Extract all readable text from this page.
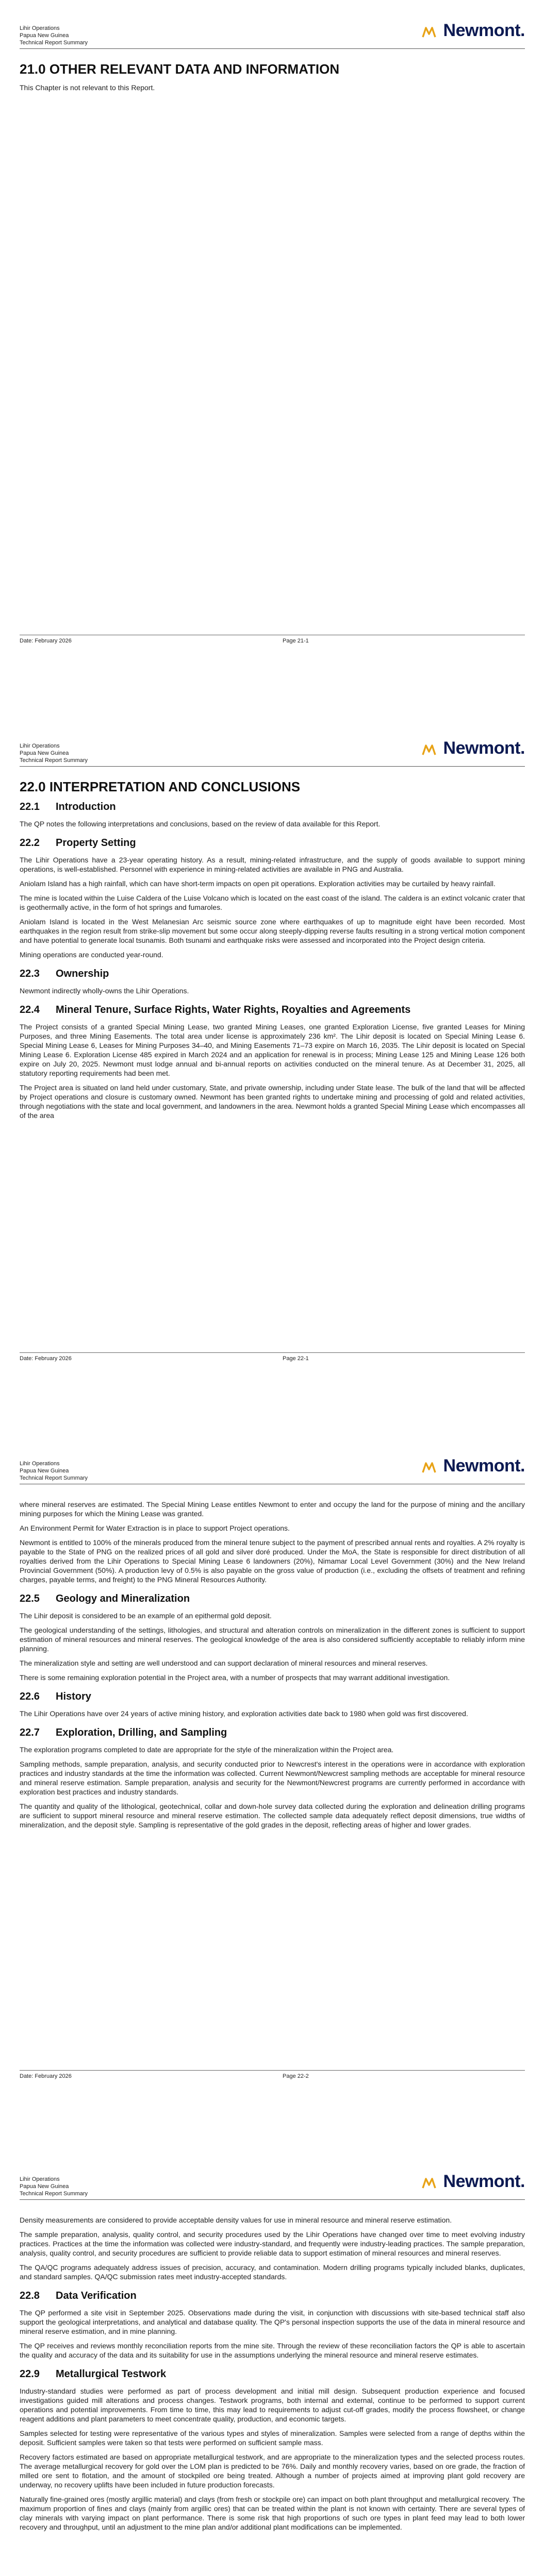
Lihir Operations
Papua New Guinea
Technical Report Summary
Newmont.
21.0 OTHER RELEVANT DATA AND INFORMATION

This Chapter is not relevant to this Report.

Date: February 2026	Page 21-1
Lihir Operations
Papua New Guinea
Technical Report Summary
Newmont.
22.0 INTERPRETATION AND CONCLUSIONS
22.1	Introduction

The QP notes the following interpretations and conclusions, based on the review of data available for this Report.

22.2	Property Setting

The Lihir Operations have a 23-year operating history. As a result, mining-related infrastructure, and the supply of goods available to support mining operations, is well-established. Personnel with experience in mining-related activities are available in PNG and Australia.

Aniolam Island has a high rainfall, which can have short-term impacts on open pit operations. Exploration activities may be curtailed by heavy rainfall.

The mine is located within the Luise Caldera of the Luise Volcano which is located on the east coast of the island. The caldera is an extinct volcanic crater that is geothermally active, in the form of hot springs and fumaroles.

Aniolam Island is located in the West Melanesian Arc seismic source zone where earthquakes of up to magnitude eight have been recorded. Most earthquakes in the region result from strike-slip movement but some occur along steeply-dipping reverse faults resulting in a strong vertical motion component and have potential to generate local tsunamis. Both tsunami and earthquake risks were assessed and incorporated into the Project design criteria.

Mining operations are conducted year-round.

22.3	Ownership

Newmont indirectly wholly-owns the Lihir Operations.

22.4	Mineral Tenure, Surface Rights, Water Rights, Royalties and Agreements

The Project consists of a granted Special Mining Lease, two granted Mining Leases, one granted Exploration License, five granted Leases for Mining Purposes, and three Mining Easements. The total area under license is approximately 236 km². The Lihir deposit is located on Special Mining Lease 6. Special Mining Lease 6, Leases for Mining Purposes 34–40, and Mining Easements 71–73 expire on March 16, 2035. The Lihir deposit is located on Special Mining Lease 6. Exploration License 485 expired in March 2024 and an application for renewal is in process; Mining Lease 125 and Mining Lease 126 both expire on July 20, 2025. Newmont must lodge annual and bi-annual reports on activities conducted on the mineral tenure. As at December 31, 2025, all statutory reporting requirements had been met.

The Project area is situated on land held under customary, State, and private ownership, including under State lease. The bulk of the land that will be affected by Project operations and closure is customary owned. Newmont has been granted rights to undertake mining and processing of gold and related activities, through negotiations with the state and local government, and landowners in the area. Newmont holds a granted Special Mining Lease which encompasses all of the area

Date: February 2026	Page 22-1
Lihir Operations
Papua New Guinea
Technical Report Summary
Newmont.

where mineral reserves are estimated. The Special Mining Lease entitles Newmont to enter and occupy the land for the purpose of mining and the ancillary mining purposes for which the Mining Lease was granted.

An Environment Permit for Water Extraction is in place to support Project operations.

Newmont is entitled to 100% of the minerals produced from the mineral tenure subject to the payment of prescribed annual rents and royalties. A 2% royalty is payable to the State of PNG on the realized prices of all gold and silver doré produced. Under the MoA, the State is responsible for direct distribution of all royalties derived from the Lihir Operations to Special Mining Lease 6 landowners (20%), Nimamar Local Level Government (30%) and the New Ireland Provincial Government (50%). A production levy of 0.5% is also payable on the gross value of production (i.e., excluding the offsets of treatment and refining charges, payable terms, and freight) to the PNG Mineral Resources Authority.

22.5	Geology and Mineralization

The Lihir deposit is considered to be an example of an epithermal gold deposit.

The geological understanding of the settings, lithologies, and structural and alteration controls on mineralization in the different zones is sufficient to support estimation of mineral resources and mineral reserves. The geological knowledge of the area is also considered sufficiently acceptable to reliably inform mine planning.

The mineralization style and setting are well understood and can support declaration of mineral resources and mineral reserves.

There is some remaining exploration potential in the Project area, with a number of prospects that may warrant additional investigation.

22.6	History

The Lihir Operations have over 24 years of active mining history, and exploration activities date back to 1980 when gold was first discovered.

22.7	Exploration, Drilling, and Sampling

The exploration programs completed to date are appropriate for the style of the mineralization within the Project area.

Sampling methods, sample preparation, analysis, and security conducted prior to Newcrest's interest in the operations were in accordance with exploration practices and industry standards at the time the information was collected. Current Newmont/Newcrest sampling methods are acceptable for mineral resource and mineral reserve estimation. Sample preparation, analysis and security for the Newmont/Newcrest programs are currently performed in accordance with exploration best practices and industry standards.

The quantity and quality of the lithological, geotechnical, collar and down-hole survey data collected during the exploration and delineation drilling programs are sufficient to support mineral resource and mineral reserve estimation. The collected sample data adequately reflect deposit dimensions, true widths of mineralization, and the deposit style. Sampling is representative of the gold grades in the deposit, reflecting areas of higher and lower grades.

Date: February 2026	Page 22-2
Lihir Operations
Papua New Guinea
Technical Report Summary
Newmont.

Density measurements are considered to provide acceptable density values for use in mineral resource and mineral reserve estimation.

The sample preparation, analysis, quality control, and security procedures used by the Lihir Operations have changed over time to meet evolving industry practices. Practices at the time the information was collected were industry-standard, and frequently were industry-leading practices. The sample preparation, analysis, quality control, and security procedures are sufficient to provide reliable data to support estimation of mineral resources and mineral reserves.

The QA/QC programs adequately address issues of precision, accuracy, and contamination. Modern drilling programs typically included blanks, duplicates, and standard samples. QA/QC submission rates meet industry-accepted standards.

22.8	Data Verification

The QP performed a site visit in September 2025. Observations made during the visit, in conjunction with discussions with site-based technical staff also support the geological interpretations, and analytical and database quality. The QP's personal inspection supports the use of the data in mineral resource and mineral reserve estimation, and in mine planning.

The QP receives and reviews monthly reconciliation reports from the mine site. Through the review of these reconciliation factors the QP is able to ascertain the quality and accuracy of the data and its suitability for use in the assumptions underlying the mineral resource and mineral reserve estimates.

22.9	Metallurgical Testwork

Industry-standard studies were performed as part of process development and initial mill design. Subsequent production experience and focused investigations guided mill alterations and process changes. Testwork programs, both internal and external, continue to be performed to support current operations and potential improvements. From time to time, this may lead to requirements to adjust cut-off grades, modify the process flowsheet, or change reagent additions and plant parameters to meet concentrate quality, production, and economic targets.

Samples selected for testing were representative of the various types and styles of mineralization. Samples were selected from a range of depths within the deposit. Sufficient samples were taken so that tests were performed on sufficient sample mass.

Recovery factors estimated are based on appropriate metallurgical testwork, and are appropriate to the mineralization types and the selected process routes. The average metallurgical recovery for gold over the LOM plan is predicted to be 76%. Daily and monthly recovery varies, based on ore grade, the fraction of milled ore sent to flotation, and the amount of stockpiled ore being treated. Although a number of projects aimed at improving plant gold recovery are underway, no recovery uplifts have been included in future production forecasts.

Naturally fine-grained ores (mostly argillic material) and clays (from fresh or stockpile ore) can impact on both plant throughput and metallurgical recovery. The maximum proportion of fines and clays (mainly from argillic ores) that can be treated within the plant is not known with certainty. There are several types of clay minerals with varying impact on plant performance. There is some risk that high proportions of such ore types in plant feed may lead to both lower recovery and throughput, until an adjustment to the mine plan and/or additional plant modifications can be implemented.
